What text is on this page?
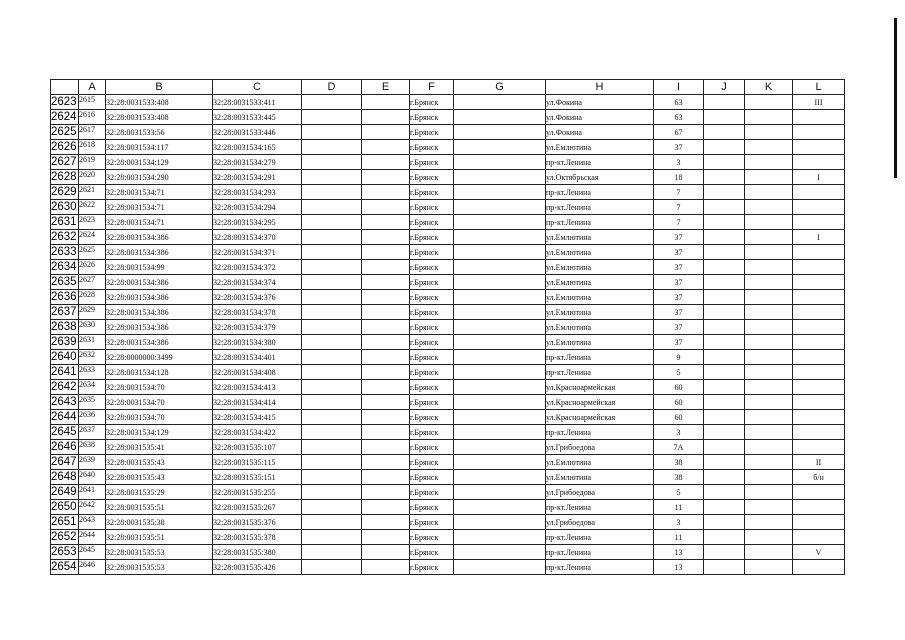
	A	B	C	D	E	F	G	H	I	J	K	L
2623	2615	32:28:0031533:408	32:28:0031533:411			г.Брянск		ул.Фокина	63			III
2624	2616	32:28:0031533:408	32:28:0031533:445			г.Брянск		ул.Фокина	63			
2625	2617	32:28:0031533:56	32:28:0031533:446			г.Брянск		ул.Фокина	67			
2626	2618	32:28:0031534:117	32:28:0031534:165			г.Брянск		ул.Емлютина	37			
2627	2619	32:28:0031534:129	32:28:0031534:279			г.Брянск		пр-кт.Ленина	3			
2628	2620	32:28:0031534:290	32:28:0031534:291			г.Брянск		ул.Октябрьская	18			I
2629	2621	32:28:0031534:71	32:28:0031534:293			г.Брянск		пр-кт.Ленина	7			
2630	2622	32:28:0031534:71	32:28:0031534:294			г.Брянск		пр-кт.Ленина	7			
2631	2623	32:28:0031534:71	32:28:0031534:295			г.Брянск		пр-кт.Ленина	7			
2632	2624	32:28:0031534:386	32:28:0031534:370			г.Брянск		ул.Емлютина	37			I
2633	2625	32:28:0031534:386	32:28:0031534:371			г.Брянск		ул.Емлютина	37			
2634	2626	32:28:0031534:99	32:28:0031534:372			г.Брянск		ул.Емлютина	37			
2635	2627	32:28:0031534:386	32:28:0031534:374			г.Брянск		ул.Емлютина	37			
2636	2628	32:28:0031534:386	32:28:0031534:376			г.Брянск		ул.Емлютина	37			
2637	2629	32:28:0031534:386	32:28:0031534:378			г.Брянск		ул.Емлютина	37			
2638	2630	32:28:0031534:386	32:28:0031534:379			г.Брянск		ул.Емлютина	37			
2639	2631	32:28:0031534:386	32:28:0031534:380			г.Брянск		ул.Емлютина	37			
2640	2632	32:28:0000000:3499	32:28:0031534:401			г.Брянск		пр-кт.Ленина	9			
2641	2633	32:28:0031534:128	32:28:0031534:408			г.Брянск		пр-кт.Ленина	5			
2642	2634	32:28:0031534:70	32:28:0031534:413			г.Брянск		ул.Красноармейская	60			
2643	2635	32:28:0031534:70	32:28:0031534:414			г.Брянск		ул.Красноармейская	60			
2644	2636	32:28:0031534:70	32:28:0031534:415			г.Брянск		ул.Красноармейская	60			
2645	2637	32:28:0031534:129	32:28:0031534:422			г.Брянск		пр-кт.Ленина	3			
2646	2638	32:28:0031535:41	32:28:0031535:107			г.Брянск		ул.Грибоедова	7A			
2647	2639	32:28:0031535:43	32:28:0031535:115			г.Брянск		ул.Емлютина	38			II
2648	2640	32:28:0031535:43	32:28:0031535:151			г.Брянск		ул.Емлютина	38			б/н
2649	2641	32:28:0031535:29	32:28:0031535:255			г.Брянск		ул.Грибоедова	5			
2650	2642	32:28:0031535:51	32:28:0031535:267			г.Брянск		пр-кт.Ленина	11			
2651	2643	32:28:0031535:38	32:28:0031535:376			г.Брянск		ул.Грибоедова	3			
2652	2644	32:28:0031535:51	32:28:0031535:378			г.Брянск		пр-кт.Ленина	11			
2653	2645	32:28:0031535:53	32:28:0031535:380			г.Брянск		пр-кт.Ленина	13			V
2654	2646	32:28:0031535:53	32:28:0031535:426			г.Брянск		пр-кт.Ленина	13			
